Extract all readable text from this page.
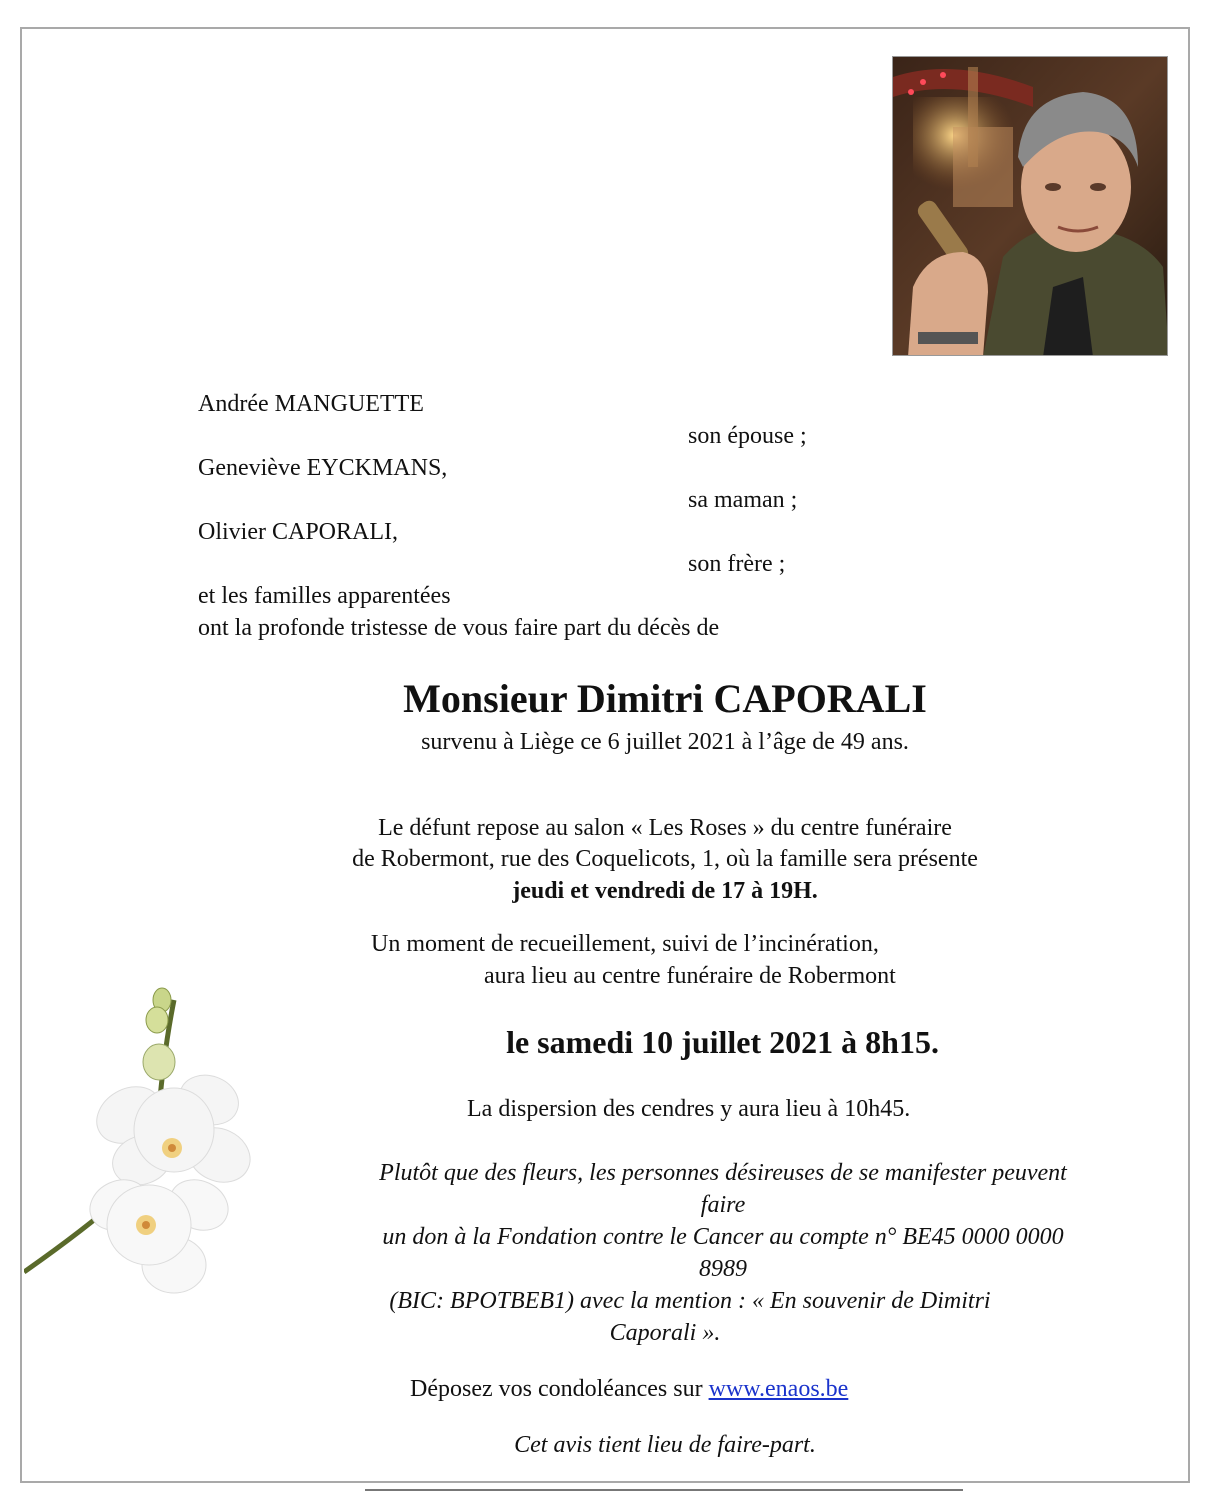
Andrée MANGUETTE
son épouse ;
Geneviève EYCKMANS,
sa maman ;
Olivier CAPORALI,
son frère ;
et les familles apparentées
ont la profonde tristesse de vous faire part du décès de
Monsieur Dimitri CAPORALI
survenu à Liège ce 6 juillet 2021 à l’âge de 49 ans.
Le défunt repose au salon « Les Roses » du centre funéraire
de Robermont, rue des Coquelicots, 1, où la famille sera présente
jeudi et vendredi de 17 à 19H.
Un moment de recueillement, suivi de l’incinération,
aura lieu au centre funéraire de Robermont
le samedi 10 juillet 2021 à 8h15.
La dispersion des cendres y aura lieu à 10h45.
Plutôt que des fleurs, les personnes désireuses de se manifester peuvent
faire
un don à la Fondation contre le Cancer au compte n° BE45 0000 0000
8989
(BIC: BPOTBEB1) avec la mention : « En souvenir de Dimitri
Caporali ».
Déposez vos condoléances sur www.enaos.be
Cet avis tient lieu de faire-part.
